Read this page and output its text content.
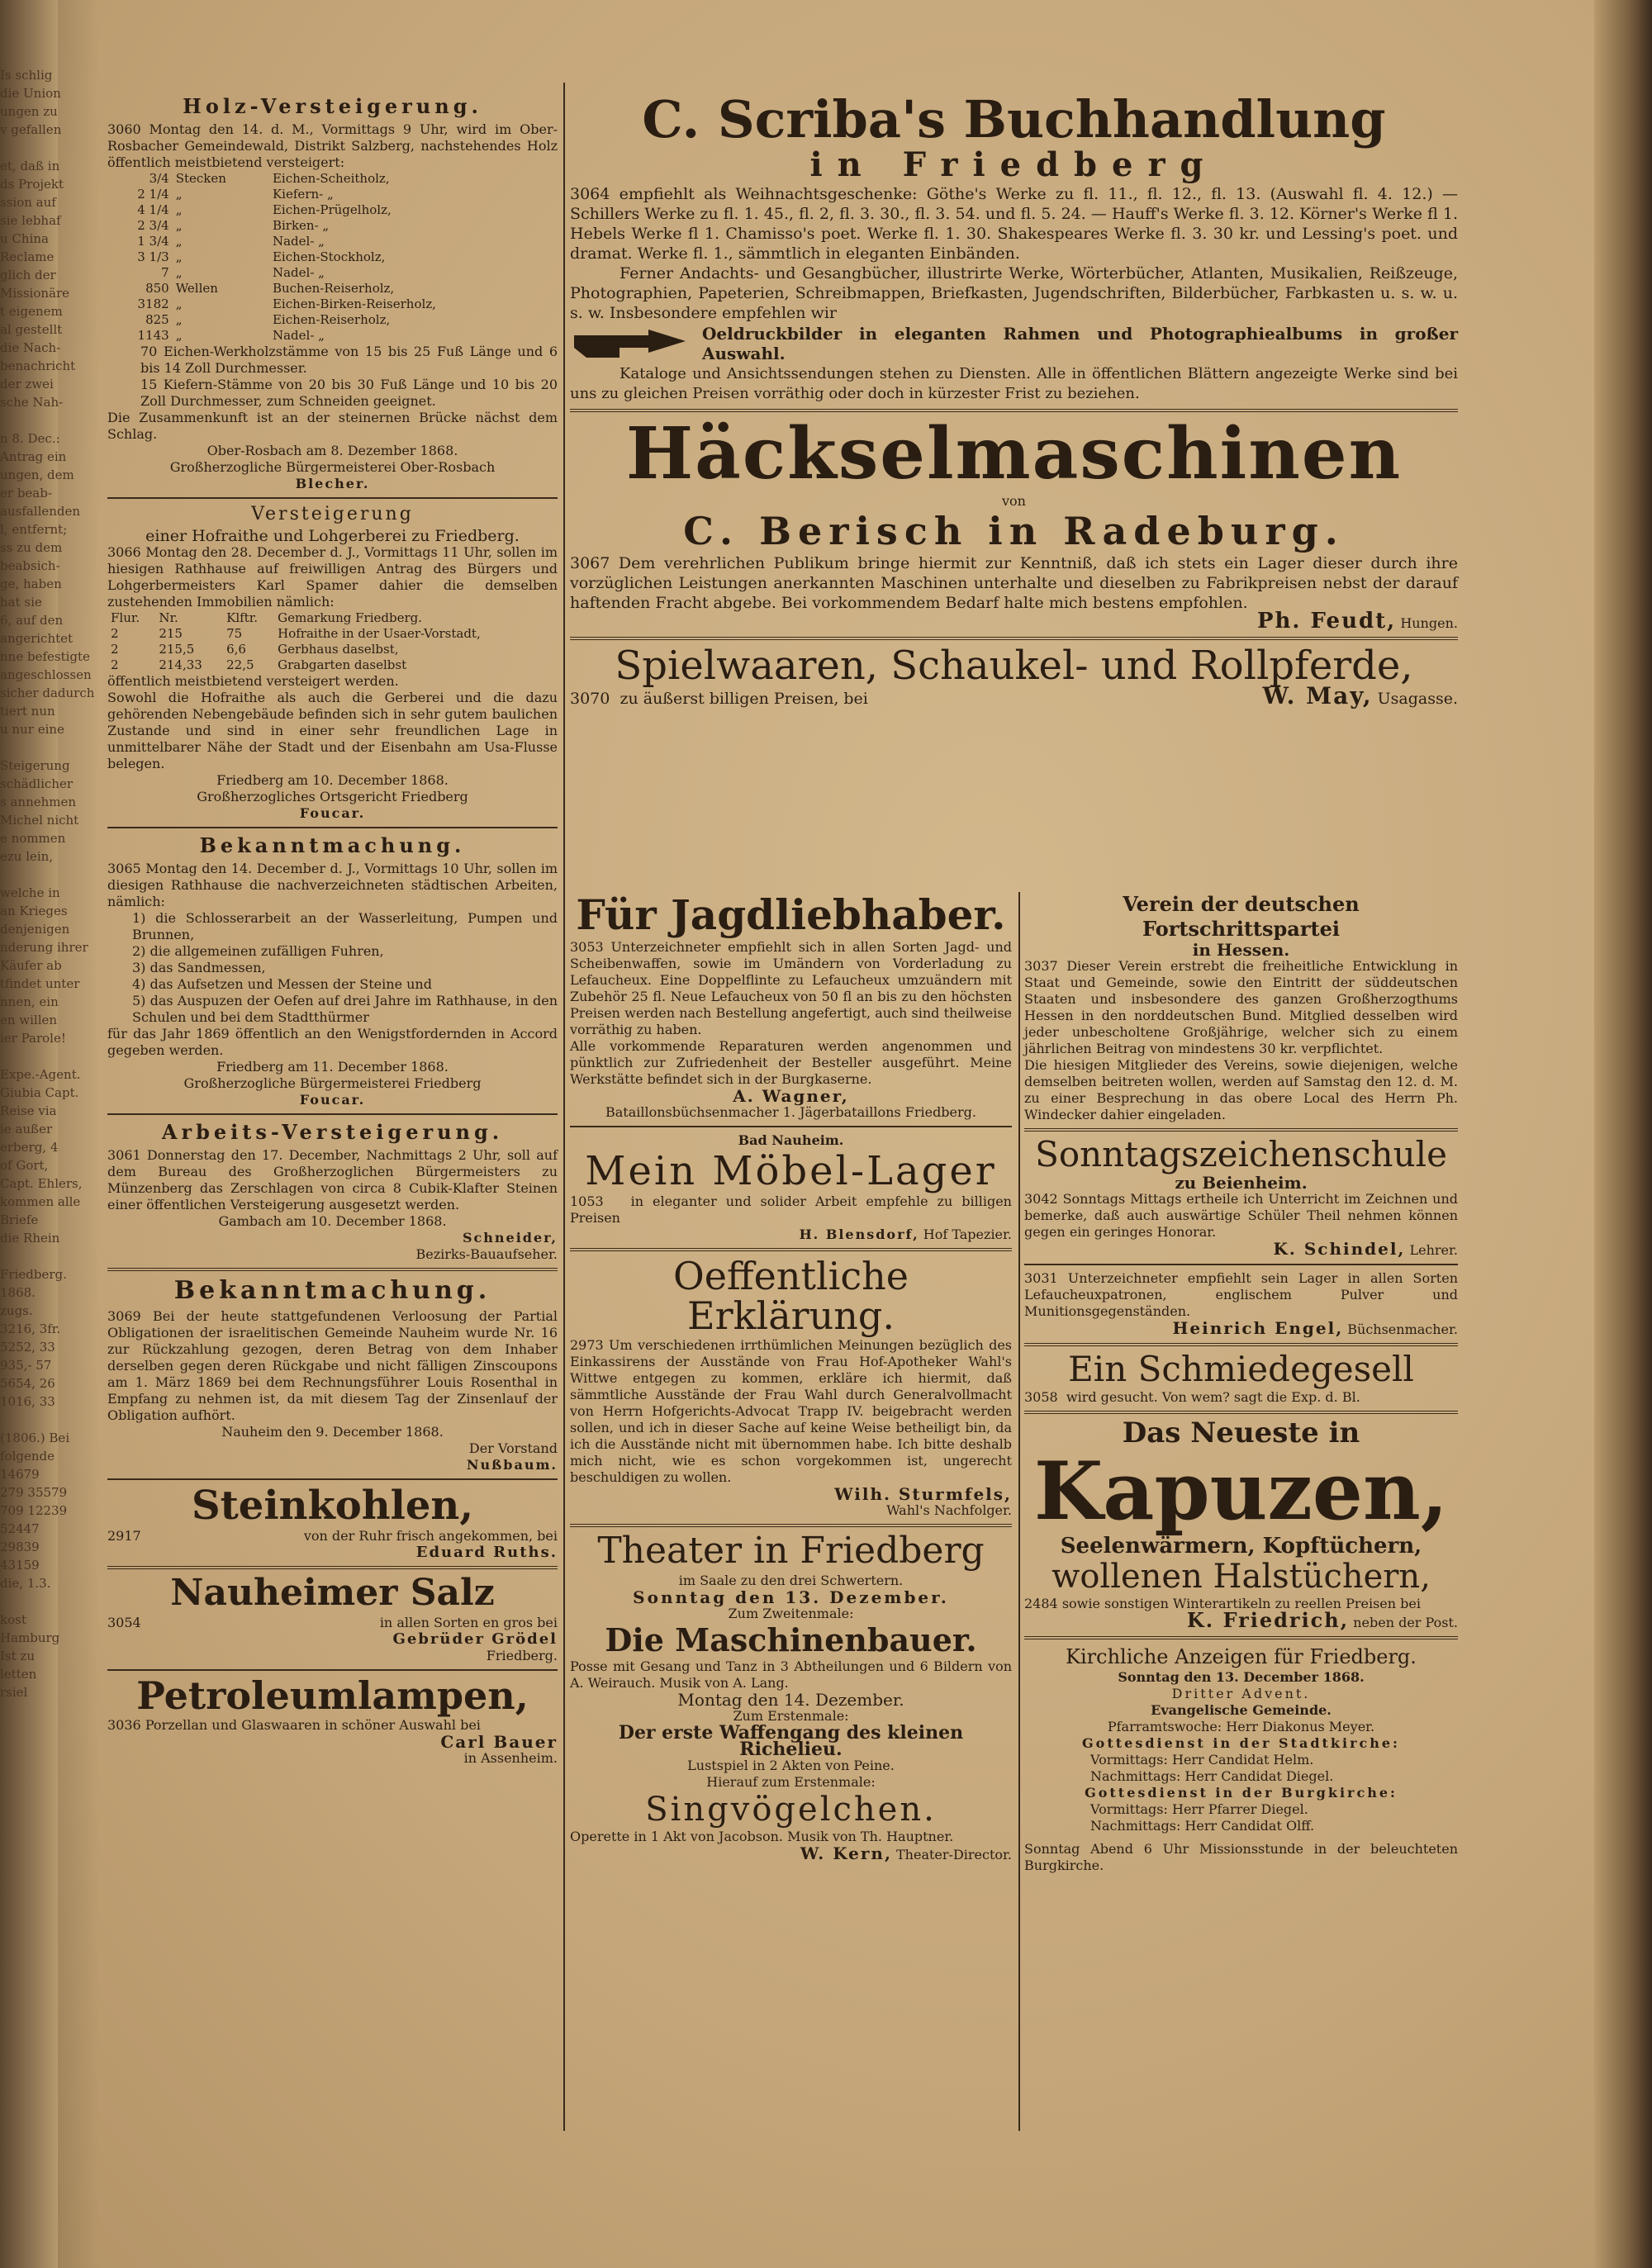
Is schlig

die Union

ungen zu

v gefallen

et, daß in

ds Projekt

ssion auf

sie lebhaf

u China

Reclame

glich der

Missionäre

t eigenem

al gestellt

die Nach-

benachricht

der zwei

sche Nah-

n 8. Dec.:

Antrag ein

ungen, dem

er beab-

ausfallenden

l, entfernt;

ss zu dem

beabsich-

ge, haben

hat sie

6, auf den

angerichtet

nne befestigte

angeschlossen

sicher dadurch

tiert nun

u nur eine

Steigerung

schädlicher

s annehmen

Michel nicht

e nommen

ezu lein,

welche in

an Krieges

denjenigen

nderung ihrer

Käufer ab

tfindet unter

nnen, ein

en willen

ier Parole!

Expe.-Agent.

Giubia Capt.

Reise via

ie außer

erberg, 4

of Gort,

Capt. Ehlers,

kommen alle

Briefe

die Rhein

Friedberg.

1868.

zugs.

3216, 3fr.

5252, 33

935,- 57

5654, 26

1016, 33

(1806.) Bei

folgende

14679

279 35579

709 12239

52447

29839

43159

die, 1.3.

kost

Hamburg

Ist zu

letten

rsiel

Holz-Versteigerung.

3060 Montag den 14. d. M., Vormittags 9 Uhr, wird im Ober-Rosbacher Gemeindewald, Distrikt Salzberg, nachstehendes Holz öffentlich meistbietend versteigert:

3/4	Stecken	Eichen-Scheitholz,
2 1/4	„	Kiefern- „
4 1/4	„	Eichen-Prügelholz,
2 3/4	„	Birken- „
1 3/4	„	Nadel- „
3 1/3	„	Eichen-Stockholz,
7	„	Nadel- „
850	Wellen	Buchen-Reiserholz,
3182	„	Eichen-Birken-Reiserholz,
825	„	Eichen-Reiserholz,
1143	„	Nadel- „

70 Eichen-Werkholzstämme von 15 bis 25 Fuß Länge und 6 bis 14 Zoll Durchmesser.

15 Kiefern-Stämme von 20 bis 30 Fuß Länge und 10 bis 20 Zoll Durchmesser, zum Schneiden geeignet.

Die Zusammenkunft ist an der steinernen Brücke nächst dem Schlag.

Ober-Rosbach am 8. Dezember 1868.

Großherzogliche Bürgermeisterei Ober-Rosbach

Blecher.

Versteigerung
einer Hofraithe und Lohgerberei zu Friedberg.

3066 Montag den 28. December d. J., Vormittags 11 Uhr, sollen im hiesigen Rathhause auf freiwilligen Antrag des Bürgers und Lohgerbermeisters Karl Spamer dahier die demselben zustehenden Immobilien nämlich:

Flur.	Nr.	Klftr.	Gemarkung Friedberg.
2	215	75	Hofraithe in der Usaer-Vorstadt,
2	215,5	6,6	Gerbhaus daselbst,
2	214,33	22,5	Grabgarten daselbst

öffentlich meistbietend versteigert werden.

Sowohl die Hofraithe als auch die Gerberei und die dazu gehörenden Nebengebäude befinden sich in sehr gutem baulichen Zustande und sind in einer sehr freundlichen Lage in unmittelbarer Nähe der Stadt und der Eisenbahn am Usa-Flusse belegen.

Friedberg am 10. December 1868.

Großherzogliches Ortsgericht Friedberg

Foucar.

Bekanntmachung.

3065 Montag den 14. December d. J., Vormittags 10 Uhr, sollen im diesigen Rathhause die nachverzeichneten städtischen Arbeiten, nämlich:

1) die Schlosserarbeit an der Wasserleitung, Pumpen und Brunnen,

2) die allgemeinen zufälligen Fuhren,

3) das Sandmessen,

4) das Aufsetzen und Messen der Steine und

5) das Auspuzen der Oefen auf drei Jahre im Rathhause, in den Schulen und bei dem Stadtthürmer

für das Jahr 1869 öffentlich an den Wenigstfordernden in Accord gegeben werden.

Friedberg am 11. December 1868.

Großherzogliche Bürgermeisterei Friedberg

Foucar.

Arbeits-Versteigerung.

3061 Donnerstag den 17. December, Nachmittags 2 Uhr, soll auf dem Bureau des Großherzoglichen Bürgermeisters zu Münzenberg das Zerschlagen von circa 8 Cubik-Klafter Steinen einer öffentlichen Versteigerung ausgesetzt werden.

Gambach am 10. December 1868.

Schneider,

Bezirks-Bauaufseher.

Bekanntmachung.

3069 Bei der heute stattgefundenen Verloosung der Partial Obligationen der israelitischen Gemeinde Nauheim wurde Nr. 16 zur Rückzahlung gezogen, deren Betrag von dem Inhaber derselben gegen deren Rückgabe und nicht fälligen Zinscoupons am 1. März 1869 bei dem Rechnungsführer Louis Rosenthal in Empfang zu nehmen ist, da mit diesem Tag der Zinsenlauf der Obligation aufhört.

Nauheim den 9. December 1868.

Der Vorstand

Nußbaum.

Steinkohlen,
2917	von der Ruhr frisch angekommen, bei

Eduard Ruths.

Nauheimer Salz
3054	in allen Sorten en gros bei

Gebrüder Grödel

Friedberg.

Petroleumlampen,
3036 Porzellan und Glaswaaren in schöner Auswahl bei

Carl Bauer

in Assenheim.

C. Scriba's Buchhandlung
in Friedberg

3064 empfiehlt als Weihnachtsgeschenke: Göthe's Werke zu fl. 11., fl. 12., fl. 13. (Auswahl fl. 4. 12.) — Schillers Werke zu fl. 1. 45., fl. 2, fl. 3. 30., fl. 3. 54. und fl. 5. 24. — Hauff's Werke fl. 3. 12. Körner's Werke fl 1. Hebels Werke fl 1. Chamisso's poet. Werke fl. 1. 30. Shakespeares Werke fl. 3. 30 kr. und Lessing's poet. und dramat. Werke fl. 1., sämmtlich in eleganten Einbänden.

Ferner Andachts- und Gesangbücher, illustrirte Werke, Wörterbücher, Atlanten, Musikalien, Reißzeuge, Photographien, Papeterien, Schreibmappen, Briefkasten, Jugendschriften, Bilderbücher, Farbkasten u. s. w. u. s. w. Insbesondere empfehlen wir

Oeldruckbilder in eleganten Rahmen und Photographiealbums in großer Auswahl.

Kataloge und Ansichtssendungen stehen zu Diensten. Alle in öffentlichen Blättern angezeigte Werke sind bei uns zu gleichen Preisen vorräthig oder doch in kürzester Frist zu beziehen.

Häckselmaschinen
von
C. Berisch in Radeburg.

3067 Dem verehrlichen Publikum bringe hiermit zur Kenntniß, daß ich stets ein Lager dieser durch ihre vorzüglichen Leistungen anerkannten Maschinen unterhalte und dieselben zu Fabrikpreisen nebst der darauf haftenden Fracht abgebe. Bei vorkommendem Bedarf halte mich bestens empfohlen.

Ph. Feudt, Hungen.

Spielwaaren, Schaukel- und Rollpferde,
3070 zu äußerst billigen Preisen, bei	W. May, Usagasse.
Für Jagdliebhaber.

3053 Unterzeichneter empfiehlt sich in allen Sorten Jagd- und Scheibenwaffen, sowie im Umändern von Vorderladung zu Lefaucheux. Eine Doppelflinte zu Lefaucheux umzuändern mit Zubehör 25 fl. Neue Lefaucheux von 50 fl an bis zu den höchsten Preisen werden nach Bestellung angefertigt, auch sind theilweise vorräthig zu haben.

Alle vorkommende Reparaturen werden angenommen und pünktlich zur Zufriedenheit der Besteller ausgeführt. Meine Werkstätte befindet sich in der Burgkaserne.

A. Wagner,

Bataillonsbüchsenmacher 1. Jägerbataillons Friedberg.

Bad Nauheim.
Mein Möbel-Lager

1053 in eleganter und solider Arbeit empfehle zu billigen Preisen

H. Blensdorf, Hof Tapezier.

Oeffentliche Erklärung.

2973 Um verschiedenen irrthümlichen Meinungen bezüglich des Einkassirens der Ausstände von Frau Hof-Apotheker Wahl's Wittwe entgegen zu kommen, erkläre ich hiermit, daß sämmtliche Ausstände der Frau Wahl durch Generalvollmacht von Herrn Hofgerichts-Advocat Trapp IV. beigebracht werden sollen, und ich in dieser Sache auf keine Weise betheiligt bin, da ich die Ausstände nicht mit übernommen habe. Ich bitte deshalb mich nicht, wie es schon vorgekommen ist, ungerecht beschuldigen zu wollen.

Wilh. Sturmfels,

Wahl's Nachfolger.

Theater in Friedberg
im Saale zu den drei Schwertern.
Sonntag den 13. Dezember.
Zum Zweitenmale:
Die Maschinenbauer.

Posse mit Gesang und Tanz in 3 Abtheilungen und 6 Bildern von A. Weirauch. Musik von A. Lang.

Montag den 14. Dezember.
Zum Erstenmale:
Der erste Waffengang des kleinen Richelieu.
Lustspiel in 2 Akten von Peine.
Hierauf zum Erstenmale:
Singvögelchen.

Operette in 1 Akt von Jacobson. Musik von Th. Hauptner.

W. Kern, Theater-Director.

Verein der deutschen Fortschrittspartei
in Hessen.

3037 Dieser Verein erstrebt die freiheitliche Entwicklung in Staat und Gemeinde, sowie den Eintritt der süddeutschen Staaten und insbesondere des ganzen Großherzogthums Hessen in den norddeutschen Bund. Mitglied desselben wird jeder unbescholtene Großjährige, welcher sich zu einem jährlichen Beitrag von mindestens 30 kr. verpflichtet.

Die hiesigen Mitglieder des Vereins, sowie diejenigen, welche demselben beitreten wollen, werden auf Samstag den 12. d. M. zu einer Besprechung in das obere Local des Herrn Ph. Windecker dahier eingeladen.

Sonntagszeichenschule
zu Beienheim.

3042 Sonntags Mittags ertheile ich Unterricht im Zeichnen und bemerke, daß auch auswärtige Schüler Theil nehmen können gegen ein geringes Honorar.

K. Schindel, Lehrer.

3031 Unterzeichneter empfiehlt sein Lager in allen Sorten Lefaucheuxpatronen, englischem Pulver und Munitionsgegenständen.

Heinrich Engel, Büchsenmacher.

Ein Schmiedegesell

3058 wird gesucht. Von wem? sagt die Exp. d. Bl.

Das Neueste in
Kapuzen,
Seelenwärmern, Kopftüchern,
wollenen Halstüchern,

2484 sowie sonstigen Winterartikeln zu reellen Preisen bei

K. Friedrich, neben der Post.

Kirchliche Anzeigen für Friedberg.
Sonntag den 13. December 1868.
Dritter Advent.
Evangelische Gemeinde.
Pfarramtswoche: Herr Diakonus Meyer.
Gottesdienst in der Stadtkirche:
Vormittags: Herr Candidat Helm.
Nachmittags: Herr Candidat Diegel.
Gottesdienst in der Burgkirche:
Vormittags: Herr Pfarrer Diegel.
Nachmittags: Herr Candidat Olff.

Sonntag Abend 6 Uhr Missionsstunde in der beleuchteten Burgkirche.
